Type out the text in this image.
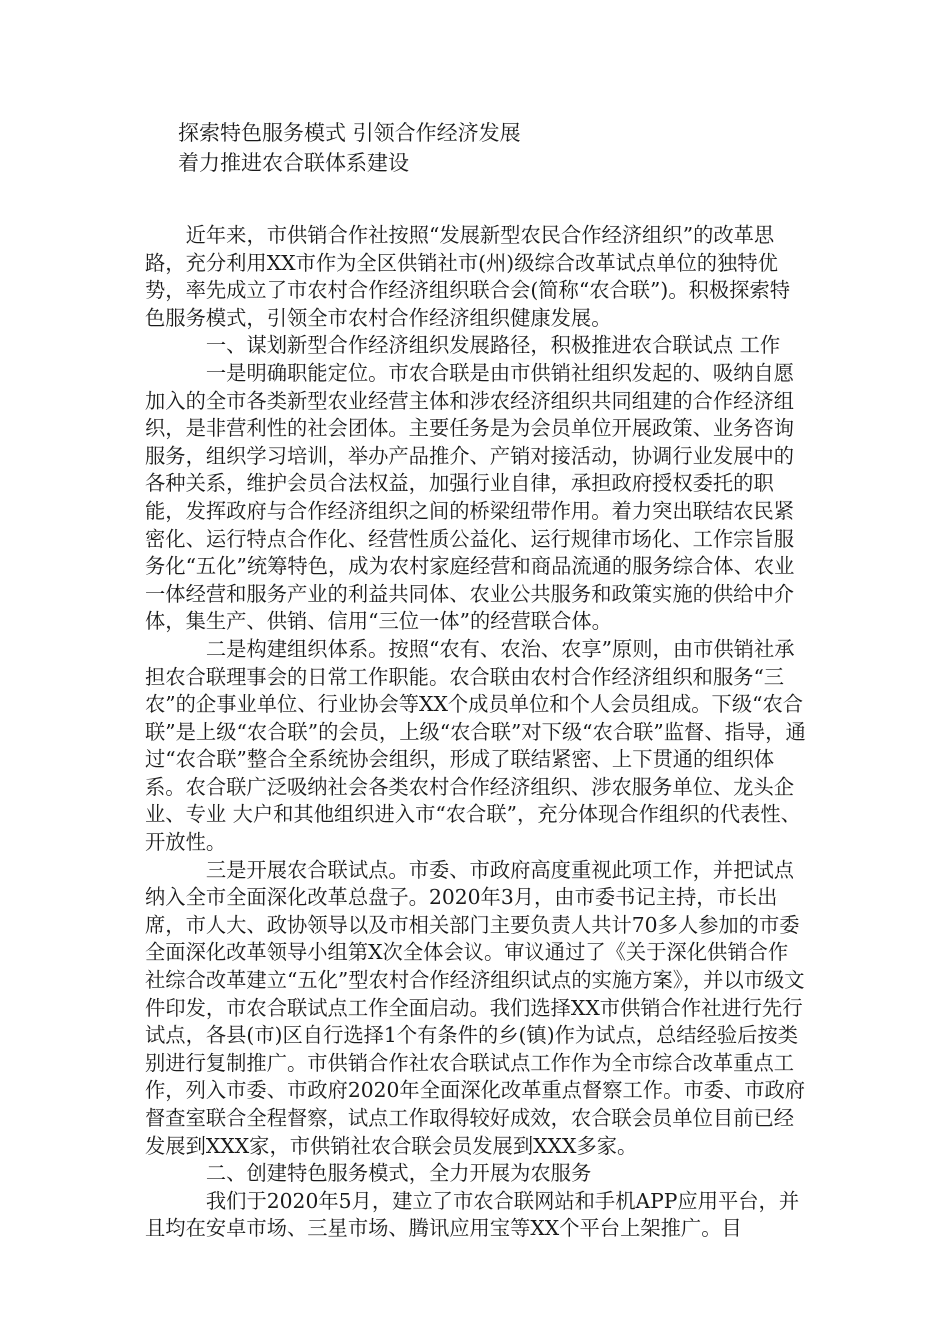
探索特色服务模式 引领合作经济发展
着力推进农合联体系建设

近年来，市供销合作社按照“发展新型农民合作经济组织”的改革思路，充分利用XX市作为全区供销社市(州)级综合改革试点单位的独特优势，率先成立了市农村合作经济组织联合会(简称“农合联”)。积极探索特色服务模式，引领全市农村合作经济组织健康发展。

一、谋划新型合作经济组织发展路径，积极推进农合联试点 工作

一是明确职能定位。市农合联是由市供销社组织发起的、吸纳自愿加入的全市各类新型农业经营主体和涉农经济组织共同组建的合作经济组织，是非营利性的社会团体。主要任务是为会员单位开展政策、业务咨询服务，组织学习培训，举办产品推介、产销对接活动，协调行业发展中的各种关系，维护会员合法权益，加强行业自律，承担政府授权委托的职能，发挥政府与合作经济组织之间的桥梁纽带作用。着力突出联结农民紧密化、运行特点合作化、经营性质公益化、运行规律市场化、工作宗旨服务化“五化”统筹特色，成为农村家庭经营和商品流通的服务综合体、农业一体经营和服务产业的利益共同体、农业公共服务和政策实施的供给中介体，集生产、供销、信用“三位一体”的经营联合体。

二是构建组织体系。按照“农有、农治、农享”原则，由市供销社承担农合联理事会的日常工作职能。农合联由农村合作经济组织和服务“三农”的企事业单位、行业协会等XX个成员单位和个人会员组成。下级“农合联”是上级“农合联”的会员，上级“农合联”对下级“农合联”监督、指导，通过“农合联”整合全系统协会组织，形成了联结紧密、上下贯通的组织体系。农合联广泛吸纳社会各类农村合作经济组织、涉农服务单位、龙头企业、专业 大户和其他组织进入市“农合联”，充分体现合作组织的代表性、开放性。

三是开展农合联试点。市委、市政府高度重视此项工作，并把试点纳入全市全面深化改革总盘子。2020年3月，由市委书记主持，市长出席，市人大、政协领导以及市相关部门主要负责人共计70多人参加的市委全面深化改革领导小组第X次全体会议。审议通过了《关于深化供销合作社综合改革建立“五化”型农村合作经济组织试点的实施方案》，并以市级文件印发，市农合联试点工作全面启动。我们选择XX市供销合作社进行先行试点，各县(市)区自行选择1个有条件的乡(镇)作为试点，总结经验后按类别进行复制推广。市供销合作社农合联试点工作作为全市综合改革重点工作，列入市委、市政府2020年全面深化改革重点督察工作。市委、市政府督查室联合全程督察，试点工作取得较好成效，农合联会员单位目前已经发展到XXX家，市供销社农合联会员发展到XXX多家。

二、创建特色服务模式，全力开展为农服务

我们于2020年5月，建立了市农合联网站和手机APP应用平台，并且均在安卓市场、三星市场、腾讯应用宝等XX个平台上架推广。目
